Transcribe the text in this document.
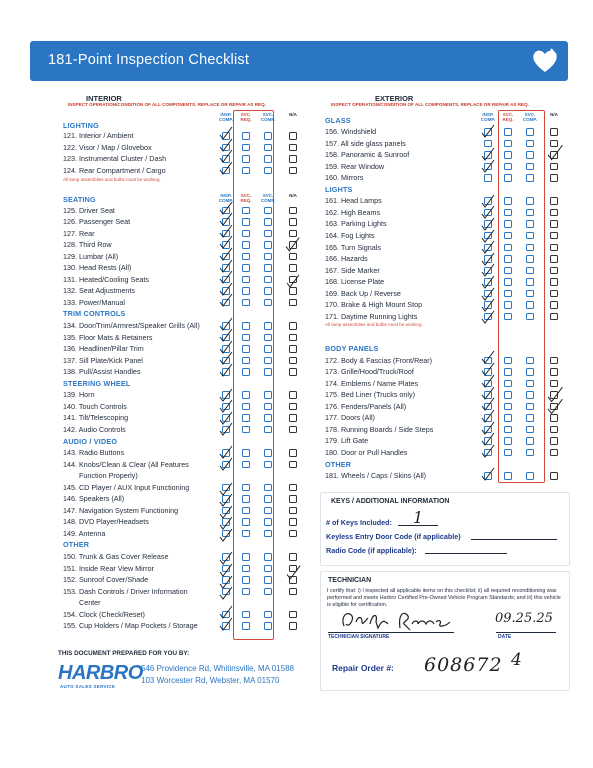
181-Point Inspection Checklist
INTERIOR
INSPECT OPERATION/CONDITION OF ALL COMPONENTS. REPLACE OR REPAIR AS REQ.
INSP. COMP.
SVC. REQ.
SVC. COMP.
N/A
LIGHTING
121. Interior / Ambient
122. Visor / Map / Glovebox
123. Instrumental Cluster / Dash
124. Rear Compartment / Cargo
All lamp assemblies and bulbs must be working.
INSP. COMP.
SVC. REQ.
SVC. COMP.
N/A
SEATING
125. Driver Seat
126. Passenger Seat
127. Rear
128. Third Row
129. Lumbar (All)
130. Head Rests (All)
131. Heated/Cooling Seats
132. Seat Adjustments
133. Power/Manual
TRIM CONTROLS
134. Door/Trim/Armrest/Speaker Grills (All)
135. Floor Mats & Retainers
136. Headliner/Pillar Trim
137. Sill Plate/Kick Panel
138. Pull/Assist Handles
STEERING WHEEL
139. Horn
140. Touch Controls
141. Tilt/Telescoping
142. Audio Controls
AUDIO / VIDEO
143. Radio Buttons
144. Knobs/Clean & Clear (All Features
Function Properly)
145. CD Player / AUX Input Functioning
146. Speakers (All)
147. Navigation System Functioning
148. DVD Player/Headsets
149. Antenna
OTHER
150. Trunk & Gas Cover Release
151. Inside Rear View Mirror
152. Sunroof Cover/Shade
153. Dash Controls / Driver Information
Center
154. Clock (Check/Reset)
155. Cup Holders / Map Pockets / Storage
EXTERIOR
INSPECT OPERATION/CONDITION OF ALL COMPONENTS. REPLACE OR REPAIR AS REQ.
INSP. COMP.
SVC. REQ.
SVC. COMP.
N/A
GLASS
156. Windshield
157. All side glass panels
158. Panoramic & Sunroof
159. Rear Window
160. Mirrors
LIGHTS
161. Head Lamps
162. High Beams
163. Parking Lights
164. Fog Lights
165. Turn Signals
166. Hazards
167. Side Marker
168. License Plate
169. Back Up / Reverse
170. Brake & High Mount Stop
171. Daytime Running Lights
All lamp assemblies and bulbs must be working.
BODY PANELS
172. Body & Fascias (Front/Rear)
173. Grille/Hood/Truck/Roof
174. Emblems / Name Plates
175. Bed Liner (Trucks only)
176. Fenders/Panels (All)
177. Doors (All)
178. Running Boards / Side Steps
179. Lift Gate
180. Door or Pull Handles
OTHER
181. Wheels / Caps / Skins (All)
KEYS / ADDITIONAL INFORMATION
# of Keys Included: 1
Keyless Entry Door Code (if applicable)
Radio Code (if applicable):
TECHNICIAN
I certify that: i) I inspected all applicable items on this checklist; ii) all required reconditioning was performed and meets Harbro Certified Pre-Owned Vehicle Program Standards; and iii) this vehicle is eligible for certification.
TECHNICIAN SIGNATURE	DATE
09.25.25
Repair Order #: 608672 4
THIS DOCUMENT PREPARED FOR YOU BY:
HARBRO
AUTO SALES SERVICE
546 Providence Rd, Whitinsville, MA 01588
103 Worcester Rd, Webster, MA 01570
